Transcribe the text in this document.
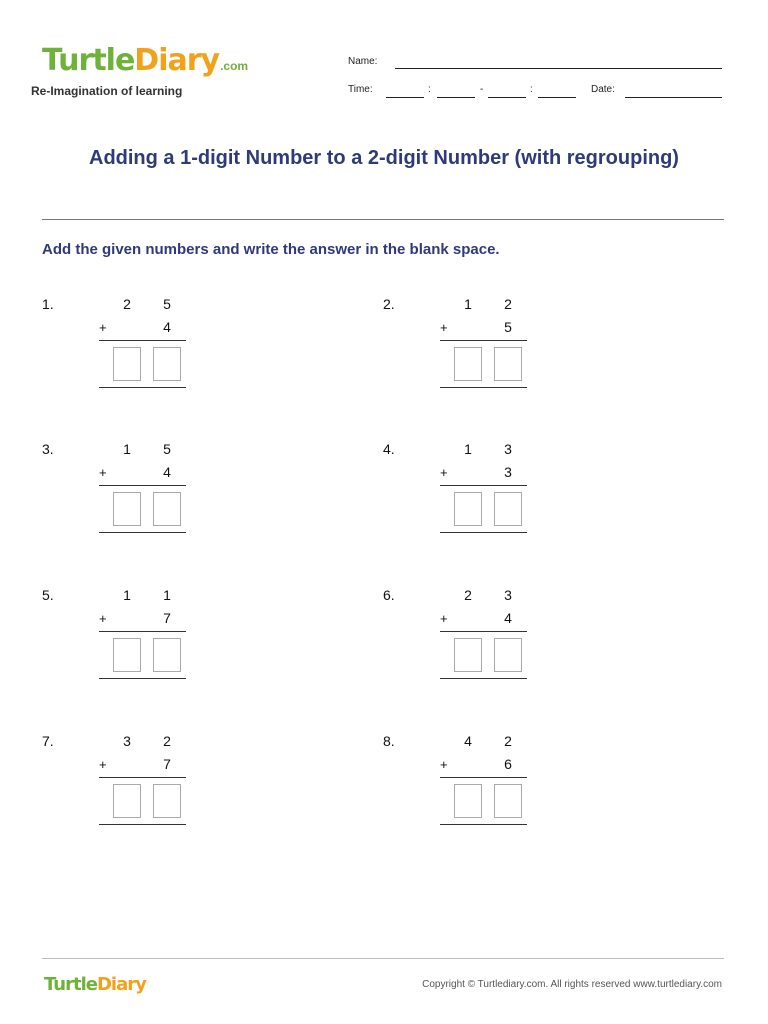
TurtleDiary.com
Re-Imagination of learning
Name:
Time:	:	-	:	Date:
Adding a 1-digit Number to a 2-digit Number (with regrouping)
Add the given numbers and write the answer in the blank space.
1.	2 5
+	4
2.	1 2
+	5
3.	1 5
+	4
4.	1 3
+	3
5.	1 1
+	7
6.	2 3
+	4
7.	3 2
+	7
8.	4 2
+	6
TurtleDiary	Copyright © Turtlediary.com. All rights reserved www.turtlediary.com
